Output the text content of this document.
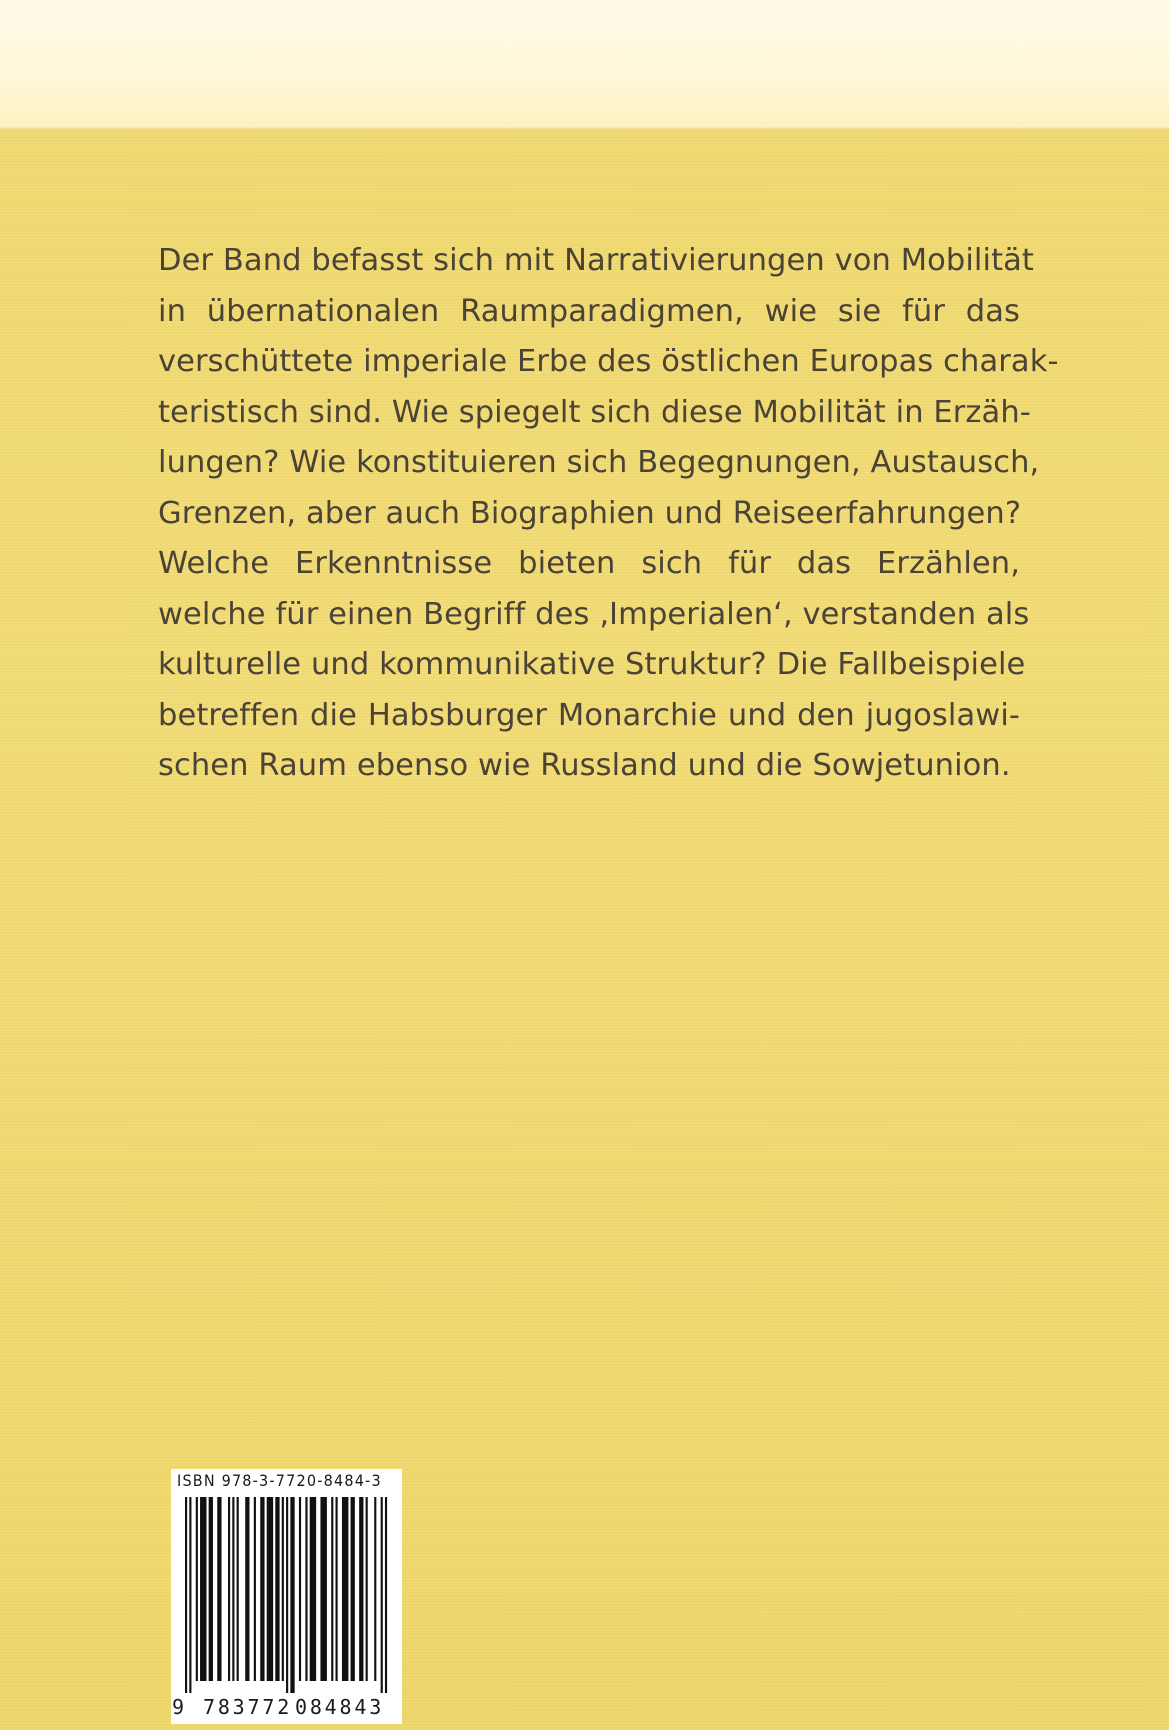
Der Band befasst sich mit Narrativierungen von Mobilität
in übernationalen Raumparadigmen, wie sie für das
verschüttete imperiale Erbe des östlichen Europas charak-
teristisch sind. Wie spiegelt sich diese Mobilität in Erzäh-
lungen? Wie konstituieren sich Begegnungen, Austausch,
Grenzen, aber auch Biographien und Reiseerfahrungen?
Welche Erkenntnisse bieten sich für das Erzählen,
welche für einen Begriff des ‚Imperialen‘, verstanden als
kulturelle und kommunikative Struktur? Die Fallbeispiele
betreffen die Habsburger Monarchie und den jugoslawi-
schen Raum ebenso wie Russland und die Sowjetunion.
ISBN 978-3-7720-8484-3
9 783772 084843
